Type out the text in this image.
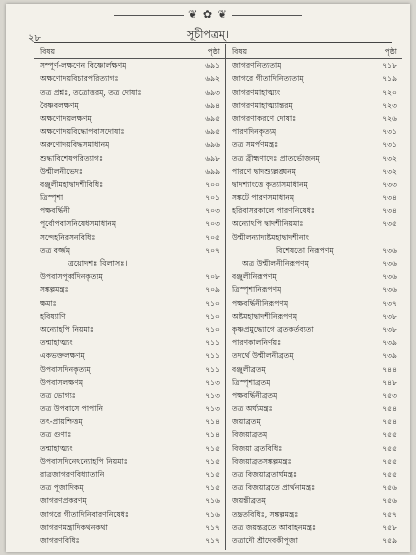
❦ ✿ ❦
২৮	সূচীপত্রম্।
বিষয়	পৃষ্ঠা
সম্পূর্ণ-লক্ষণেন বিষ্ণোর্লক্ষণম্	৬৯১
অক্ষণোদয়বিচারপরিত্যাগঃ	৬৯২
তত্র প্রশ্নঃ, তত্রোত্তরম্, তত্র দোষাঃ	৬৯৩
বৈষ্ণবলক্ষণম্	৬৯৪
অক্ষণোদয়লক্ষণম্	৬৯৫
অক্ষণোদয়বিদ্ধোপবাসদোষাঃ	৬৯৫
অরুণোদয়বিদ্ধসমাধানম্	৬৯৬
শুদ্ধাবিশেষপরিত্যাগঃ	৬৯৮
উন্মীলনীভেদঃ	৬৯৯
বঞ্জুলীমহাদ্বাদশীবিধিঃ	৭০০
ত্রিস্পৃশা	৭০১
পক্ষবর্দ্ধিনী	৭০৩
পূর্বোপবাসনিষেধসমাধানম্	৭০৩
সন্দেহনিরসনবিধিঃ	৭০৫
তত্র বর্জ্জম্	৭০৭
ত্রয়োদশঃ বিলাসঃ।
উপবাসপূর্ব্বদিনকৃত্যম্	৭০৮
সঙ্কল্পমন্ত্রঃ	৭০৯
ক্ষমাঃ	৭১০
হবিষ্যাণি	৭১০
অন্যোহপি নিয়মাঃ	৭১০
তন্মাহাত্ম্যং	৭১১
একভক্তলক্ষণম্	৭১১
উপবাসদিনকৃত্যম্	৭১১
উপবাসলক্ষণম্	৭১৩
তত্র ভোগ্যঃ	৭১৩
তত্র উপবাসে পাপানি	৭১৩
তৎ-প্রায়শ্চিত্তম্	৭১৪
তত্র গুণাঃ	৭১৪
তন্মাহাত্ম্যং	৭১৫
উপবাসদিনেঽন্যোহপি নিয়মাঃ	৭১৫
রাত্রজাগরণবিধ্যাতানি	৭১৫
তত্র পূজাদিকম্	৭১৫
জাগরণপ্রকরণম্	৭১৬
জাগরে গীতাদিনিবারণনিষেধঃ	৭১৬
জাগরণমন্ত্রাদিকথনকথা	৭১৭
জাগরণবিধিঃ	৭১৭
বিষয়	পৃষ্ঠা
জাগরণনিত্যতাম্	৭১৮
জাগরে গীতাদিনিত্যতাম্	৭১৯
জাগরণমাহাত্ম্যং	৭২০
জাগরণমাহাত্ম্যান্তরম্	৭২৩
জাগরণাকরণে দোষাঃ	৭২৬
পারণদিনকৃত্যম্	৭৩১
তত্র সমর্পণমন্ত্রঃ	৭৩১
তত্র ব্রীহ্মণাদেঃ প্রাতর্ভোজনম্	৭৩২
পারণে দ্বাদশ্যুল্লঙ্ঘনম্	৭৩২
দ্বাদশ্যাংত্তে কৃত্যাসমাধানম্	৭৩৩
সঙ্কটে পারণসমাধানম্	৭৩৪
হরিবাসরকালে পারণনিষেধঃ	৭৩৪
অন্যোঽপি দ্বাদশীনিয়মাঃ	৭৩৫
উন্মীলন্যাদ্যষ্টমহাদ্বাদশীনাং
বিশেষতো নিরূপণম্	৭৩৬
অত্র উন্মীলনীনিরূপণম্	৭৩৬
বঞ্জুলীনিরূপণম্	৭৩৬
ত্রিস্পৃশানিরূপণম্	৭৩৬
পক্ষবর্দ্ধিনীনিরূপণম্	৭৩৭
অষ্টমহাদ্বাদশীনিরূপণম্	৭৩৮
কৃষ্ণপ্রমুদ্ধ্যোগে ব্রতকর্তব্যতা	৭৩৮
পারণকালনির্ণয়ঃ	৭৩৯
তদর্থে উন্মীলনীব্রতম্	৭৩৯
বঞ্জুলীব্রতম্	৭৪৪
ত্রিস্পৃশাব্রতম্	৭৪৮
পক্ষবর্দ্ধিনীব্রতম্	৭৫৩
তত্র অর্ঘ্যমন্ত্রঃ	৭৫৪
জয়াব্রতম্	৭৫৪
বিজয়াব্রতম্	৭৫৫
বিজয়া ব্রতবিধিঃ	৭৫৫
বিজয়াব্রতসঙ্কল্পমন্ত্রঃ	৭৫৫
তত্র বিজয়াব্রতার্ঘমন্ত্রঃ	৭৫৫
তত্র বিজয়াব্রতে প্রার্থনামন্ত্রঃ	৭৫৬
জয়ন্তীব্রতম্	৭৫৬
তদ্ব্রতবিধিঃ, সঙ্কল্পমন্ত্রঃ	৭৫৭
তত্র জয়ন্তব্রতে আবাহনমন্ত্রঃ	৭৫৮
তত্রাদৌ শ্রীদেবকীপূজা	৭৫৯
